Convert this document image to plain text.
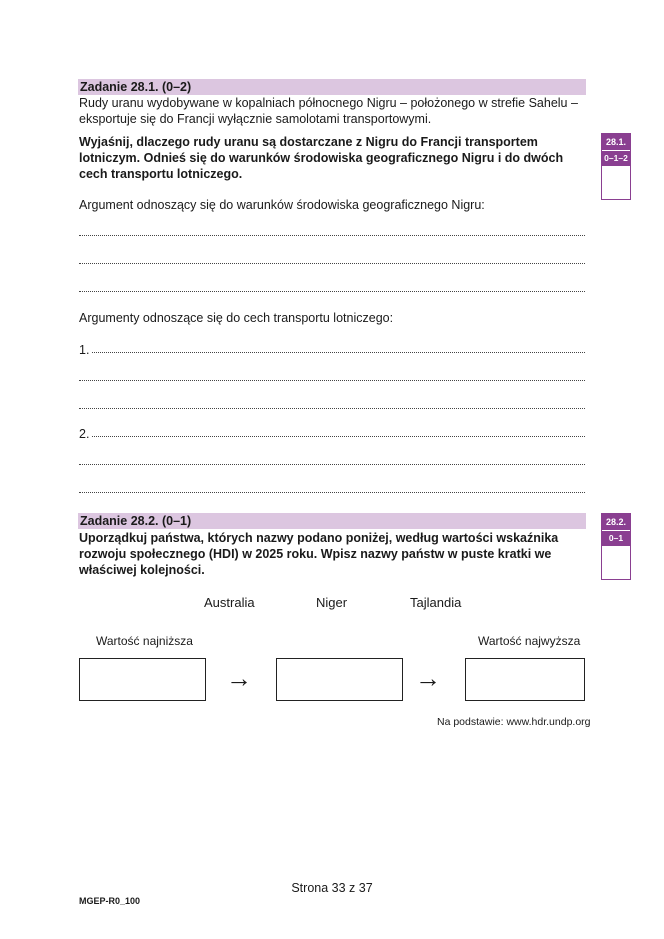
Zadanie 28.1. (0–2)
Rudy uranu wydobywane w kopalniach północnego Nigru – położonego w strefie Sahelu –
eksportuje się do Francji wyłącznie samolotami transportowymi.
Wyjaśnij, dlaczego rudy uranu są dostarczane z Nigru do Francji transportem
lotniczym. Odnieś się do warunków środowiska geograficznego Nigru i do dwóch
cech transportu lotniczego.
28.1.
0–1–2
Argument odnoszący się do warunków środowiska geograficznego Nigru:
Argumenty odnoszące się do cech transportu lotniczego:
1.
2.
Zadanie 28.2. (0–1)
Uporządkuj państwa, których nazwy podano poniżej, według wartości wskaźnika
rozwoju społecznego (HDI) w 2025 roku. Wpisz nazwy państw w puste kratki we
właściwej kolejności.
28.2.
0–1
Australia	Niger	Tajlandia
Wartość najniższa	Wartość najwyższa
→	→
Na podstawie: www.hdr.undp.org
Strona 33 z 37
MGEP-R0_100
